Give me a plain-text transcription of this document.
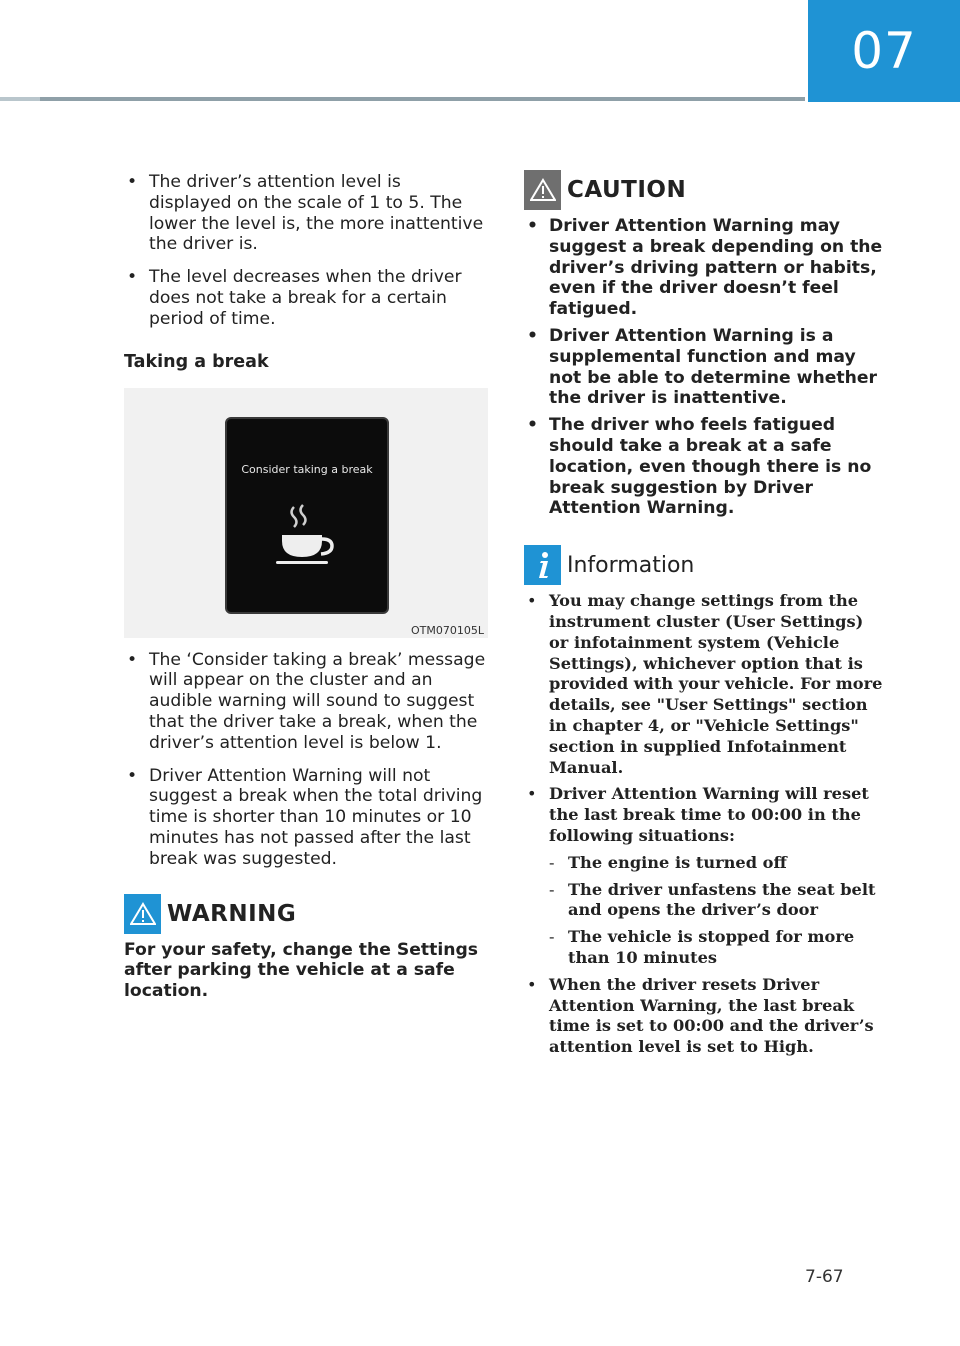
07
• The driver’s attention level is displayed on the scale of 1 to 5. The lower the level is, the more inattentive the driver is.
• The level decreases when the driver does not take a break for a certain period of time.
Taking a break
Consider taking a break
OTM070105L
• The ‘Consider taking a break’ message will appear on the cluster and an audible warning will sound to suggest that the driver take a break, when the driver’s attention level is below 1.
• Driver Attention Warning will not suggest a break when the total driving time is shorter than 10 minutes or 10 minutes has not passed after the last break was suggested.
WARNING
For your safety, change the Settings after parking the vehicle at a safe location.
CAUTION
• Driver Attention Warning may suggest a break depending on the driver’s driving pattern or habits, even if the driver doesn’t feel fatigued.
• Driver Attention Warning is a supplemental function and may not be able to determine whether the driver is inattentive.
• The driver who feels fatigued should take a break at a safe location, even though there is no break suggestion by Driver Attention Warning.
Information
• You may change settings from the instrument cluster (User Settings) or infotainment system (Vehicle Settings), whichever option that is provided with your vehicle. For more details, see "User Settings" section in chapter 4, or "Vehicle Settings" section in supplied Infotainment Manual.
• Driver Attention Warning will reset the last break time to 00:00 in the following situations:
- The engine is turned off
- The driver unfastens the seat belt and opens the driver’s door
- The vehicle is stopped for more than 10 minutes
• When the driver resets Driver Attention Warning, the last break time is set to 00:00 and the driver’s attention level is set to High.
7-67
